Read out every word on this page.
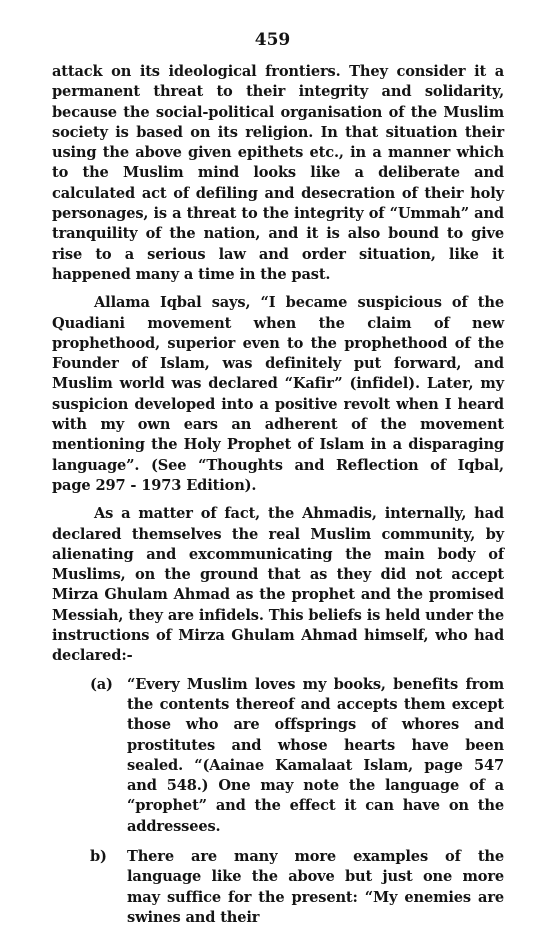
459

attack on its ideological frontiers. They consider it a permanent threat to their integrity and solidarity, because the social-political organisation of the Muslim society is based on its religion. In that situation their using the above given epithets etc., in a manner which to the Muslim mind looks like a deliberate and calculated act of defiling and desecration of their holy personages, is a threat to the integrity of “Ummah” and tranquility of the nation, and it is also bound to give rise to a serious law and order situation, like it happened many a time in the past.

Allama Iqbal says, “I became suspicious of the Quadiani movement when the claim of new prophethood, superior even to the prophethood of the Founder of Islam, was definitely put forward, and Muslim world was declared “Kafir” (infidel). Later, my suspicion developed into a positive revolt when I heard with my own ears an adherent of the movement mentioning the Holy Prophet of Islam in a disparaging language”. (See “Thoughts and Reflection of Iqbal, page 297 - 1973 Edition).

As a matter of fact, the Ahmadis, internally, had declared themselves the real Muslim community, by alienating and excommunicating the main body of Muslims, on the ground that as they did not accept Mirza Ghulam Ahmad as the prophet and the promised Messiah, they are infidels. This beliefs is held under the instructions of Mirza Ghulam Ahmad himself, who had declared:-

(a) “Every Muslim loves my books, benefits from the contents thereof and accepts them except those who are offsprings of whores and prostitutes and whose hearts have been sealed. “(Aainae Kamalaat Islam, page 547 and 548.) One may note the language of a “prophet” and the effect it can have on the addressees.
b) There are many more examples of the language like the above but just one more may suffice for the present: “My enemies are swines and their
